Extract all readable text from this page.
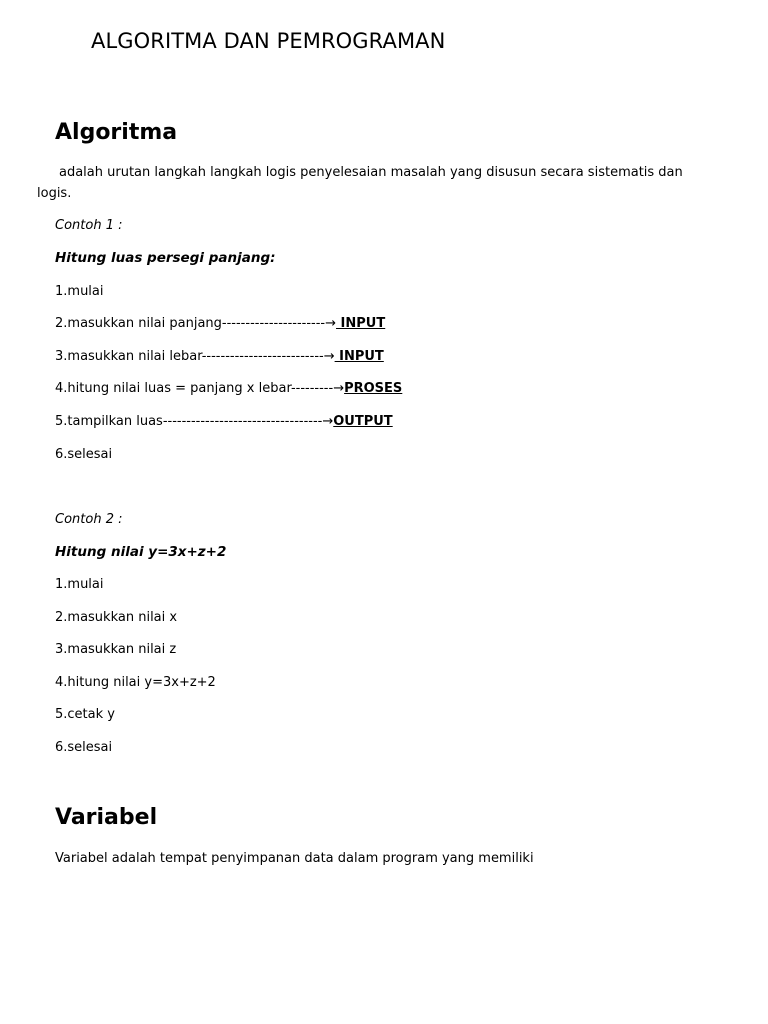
ALGORITMA DAN PEMROGRAMAN
Algoritma
adalah urutan langkah langkah logis penyelesaian masalah yang disusun secara sistematis dan
logis.
Contoh 1 :
Hitung luas persegi panjang:
1.mulai
2.masukkan nilai panjang----------------------→ INPUT
3.masukkan nilai lebar--------------------------→ INPUT
4.hitung nilai luas = panjang x lebar---------→PROSES
5.tampilkan luas----------------------------------→OUTPUT
6.selesai
Contoh 2 :
Hitung nilai y=3x+z+2
1.mulai
2.masukkan nilai x
3.masukkan nilai z
4.hitung nilai y=3x+z+2
5.cetak y
6.selesai
Variabel
Variabel adalah tempat penyimpanan data dalam program yang memiliki
